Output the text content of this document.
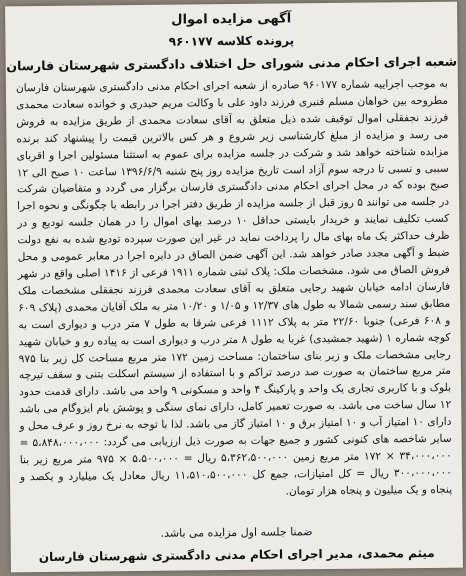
آگهی مزایده اموال
پرونده کلاسه ۹۶۰۱۷۷
شعبه اجرای احکام مدنی شورای حل اختلاف دادگستری شهرستان فارسان
به موجب اجراییه شماره ۹۶۰۱۷۷ صادره از شعبه اجرای احکام مدنی دادگستری شهرستان فارسان مطروحه بین خواهان مسلم قنبری فرزند داود علی با وکالت مریم حیدری و خوانده سعادت محمدی فرزند نجفقلی اموال توقیف شده ذیل متعلق به آقای سعادت محمدی از طریق مزایده به فروش می رسد و مزایده از مبلغ کارشناسی زیر شروع و هر کس بالاترین قیمت را پیشنهاد کند برنده مزایده شناخته خواهد شد و شرکت در جلسه مزایده برای عموم به استثنا مسئولین اجرا و اقربای سببی و نسبی تا درجه سوم آزاد است تاریخ مزایده روز پنج شنبه ۱۳۹۶/۶/۹ ساعت ۱۰ صبح الی ۱۲ صبح بوده که در محل اجرای احکام مدنی دادگستری فارسان برگزار می گردد و متقاضیان شرکت در جلسه می توانند ۵ روز قبل از جلسه مزایده از طریق دفتر اجرا در رابطه با چگونگی و نحوه اجرا کسب تکلیف نمایند و خریدار بایستی حداقل ۱۰ درصد بهای اموال را در همان جلسه تودیع و در ظرف حداکثر یک ماه بهای مال را پرداخت نماید در غیر این صورت سپرده تودیع شده به نفع دولت ضبط و آگهی مجدد صادر خواهد شد. این آگهی ضمن الصاق در دایره اجرا در معابر عمومی و محل فروش الصاق می شود. مشخصات ملک: پلاک ثبتی شماره ۱۹۱۱ فرعی از ۱۴۱۶ اصلی واقع در شهر فارسان ادامه خیابان شهید رجایی متعلق به آقای سعادت محمدی فرزند نجفقلی مشخصات ملک مطابق سند رسمی شمالا به طول های ۱۲/۳۷ و ۱/۰۵ و ۱۰/۲۰ متر به ملک آقایان محمدی (پلاک ۶۰۹ و ۶۰۸ فرعی) جنوبا ۲۲/۶۰ متر به پلاک ۱۱۱۲ فرعی شرقا به طول ۷ متر درب و دیواری است به کوچه شماره ۱ (شهید جمشیدی) غربا به طول ۸ متر درب و دیواری است به پیاده رو و خیابان شهید رجایی مشخصات ملک و زیر بنای ساختمان: مساحت زمین ۱۷۲ متر مربع مساحت کل زیر بنا ۹۷۵ متر مربع ساختمان به صورت صد درصد تراکم و با استفاده از سیستم اسکلت بتنی و سقف تیرچه بلوک و با کاربری تجاری یک واحد و پارکینگ ۴ واحد و مسکونی ۹ واحد می باشد. دارای قدمت حدود ۱۲ سال ساخت می باشد. به صورت تعمیر کامل، دارای نمای سنگی و پوشش بام ایزوگام می باشد دارای ۱۰ امتیاز آب و ۱۰ امتیاز برق و ۱۰ امتیاز گاز می باشد. لذا با توجه به نرخ روز و عرف محل و سایر شاخصه های کنونی کشور و جمیع جهات به صورت ذیل ارزیابی می گردد: ۵،۸۴۸،۰۰۰،۰۰۰ = ۳۴،۰۰۰،۰۰۰ × ۱۷۲ متر مربع زمین ۵،۳۶۲،۵۰۰،۰۰۰ ریال = ۵،۵۰۰،۰۰۰ × ۹۷۵ متر مربع زیر بنا ۳۰۰،۰۰۰،۰۰۰ ریال = کل امتیازات، جمع کل ۱۱،۵۱۰،۵۰۰،۰۰۰ ریال معادل یک میلیارد و یکصد و پنجاه و یک میلیون و پنجاه هزار تومان.
ضمنا جلسه اول مزایده می باشد.
میثم محمدی، مدیر اجرای احکام مدنی دادگستری شهرستان فارسان
